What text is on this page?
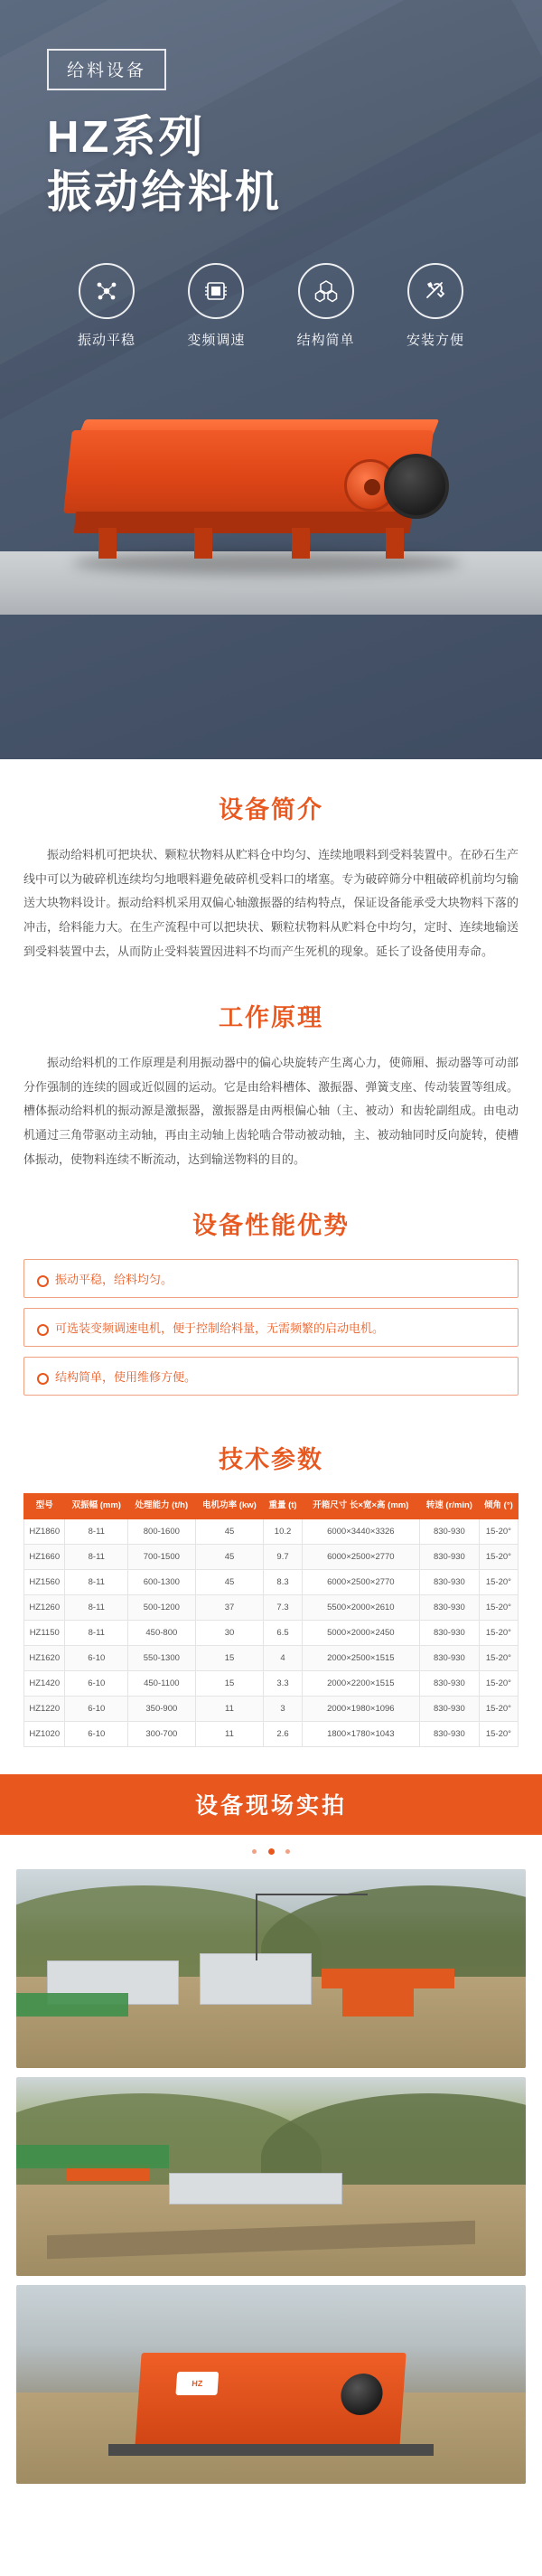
给料设备
HZ系列
振动给料机
振动平稳	变频调速	结构简单	安装方便
设备简介

振动给料机可把块状、颗粒状物料从贮料仓中均匀、连续地喂料到受料装置中。在砂石生产线中可以为破碎机连续均匀地喂料避免破碎机受料口的堵塞。专为破碎筛分中粗破碎机前均匀输送大块物料设计。振动给料机采用双偏心轴激振器的结构特点，保证设备能承受大块物料下落的冲击，给料能力大。在生产流程中可以把块状、颗粒状物料从贮料仓中均匀，定时、连续地输送到受料装置中去，从而防止受料装置因进料不均而产生死机的现象。延长了设备使用寿命。

工作原理

振动给料机的工作原理是利用振动器中的偏心块旋转产生离心力，使筛厢、振动器等可动部分作强制的连续的圆或近似圆的运动。它是由给料槽体、激振器、弹簧支座、传动装置等组成。槽体振动给料机的振动源是激振器，激振器是由两根偏心轴（主、被动）和齿轮副组成。由电动机通过三角带驱动主动轴，再由主动轴上齿轮啮合带动被动轴，主、被动轴同时反向旋转，使槽体振动，使物料连续不断流动，达到输送物料的目的。

设备性能优势
振动平稳，给料均匀。
可选装变频调速电机，便于控制给料量，无需频繁的启动电机。
结构简单，使用维修方便。
技术参数
型号	双振幅 (mm)	处理能力 (t/h)	电机功率 (kw)	重量 (t)	开箱尺寸 长×宽×高 (mm)	转速 (r/min)	倾角 (°)
HZ1860	8-11	800-1600	45	10.2	6000×3440×3326	830-930	15-20°
HZ1660	8-11	700-1500	45	9.7	6000×2500×2770	830-930	15-20°
HZ1560	8-11	600-1300	45	8.3	6000×2500×2770	830-930	15-20°
HZ1260	8-11	500-1200	37	7.3	5500×2000×2610	830-930	15-20°
HZ1150	8-11	450-800	30	6.5	5000×2000×2450	830-930	15-20°
HZ1620	6-10	550-1300	15	4	2000×2500×1515	830-930	15-20°
HZ1420	6-10	450-1100	15	3.3	2000×2200×1515	830-930	15-20°
HZ1220	6-10	350-900	11	3	2000×1980×1096	830-930	15-20°
HZ1020	6-10	300-700	11	2.6	1800×1780×1043	830-930	15-20°
设备现场实拍

HZ
